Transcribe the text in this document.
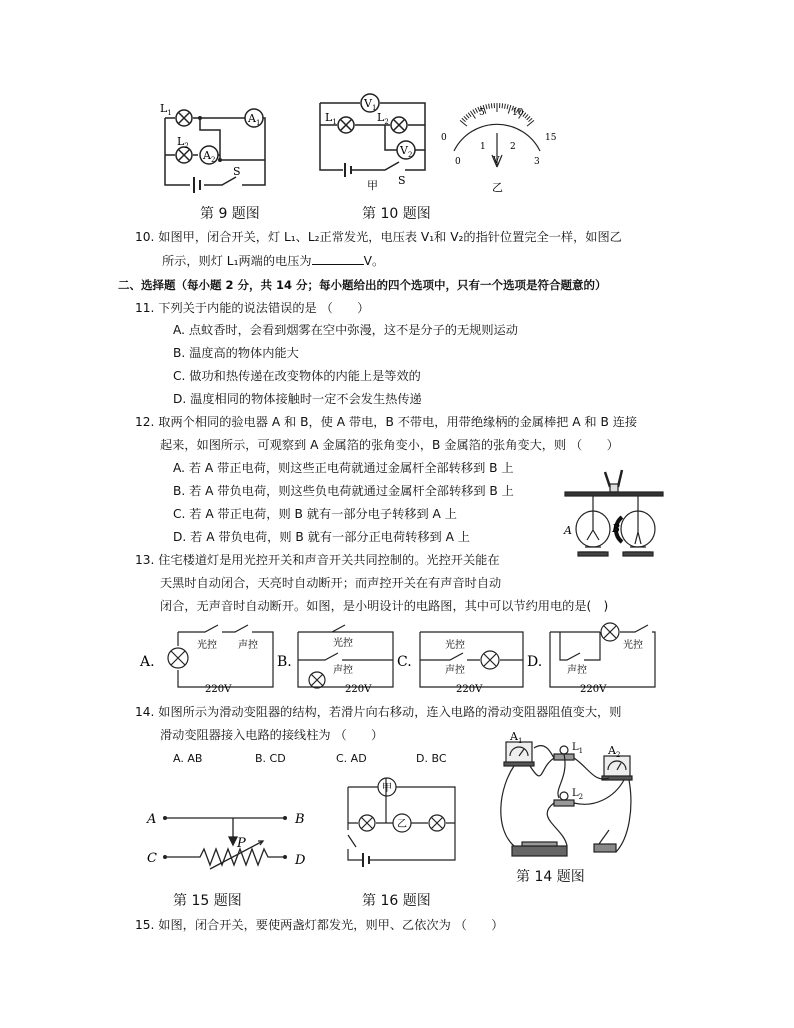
$L_1$
$L_2$
$A_1$
$A_2$
S
$V_1$
$V_2$
$L_1$	$L_2$
S
甲
0
5	10
15
0
1	2
3
V
乙
第 9 题图	第 10 题图
10. 如图甲，闭合开关，灯 L₁、L₂正常发光，电压表 V₁和 V₂的指针位置完全一样，如图乙
所示，则灯 L₁两端的电压为	V。
二、选择题（每小题 2 分，共 14 分；每小题给出的四个选项中，只有一个选项是符合题意的）
11. 下列关于内能的说法错误的是 （　　）
A. 点蚊香时，会看到烟雾在空中弥漫，这不是分子的无规则运动
B. 温度高的物体内能大
C. 做功和热传递在改变物体的内能上是等效的
D. 温度相同的物体接触时一定不会发生热传递
12. 取两个相同的验电器 A 和 B，使 A 带电，B 不带电，用带绝缘柄的金属棒把 A 和 B 连接
起来，如图所示，可观察到 A 金属箔的张角变小，B 金属箔的张角变大，则 （　　）
A. 若 A 带正电荷，则这些正电荷就通过金属杆全部转移到 B 上
B. 若 A 带负电荷，则这些负电荷就通过金属杆全部转移到 B 上
C. 若 A 带正电荷，则 B 就有一部分电子转移到 A 上
D. 若 A 带负电荷，则 B 就有一部分正电荷转移到 A 上	A	B
13. 住宅楼道灯是用光控开关和声音开关共同控制的。光控开关能在
天黑时自动闭合，天亮时自动断开；而声控开关在有声音时自动
闭合，无声音时自动断开。如图，是小明设计的电路图，其中可以节约用电的是(　)
A.	B.	C.	D.
光控 声控
220V
光控
声控
220V
光控
声控
220V
光控
声控
220V
14. 如图所示为滑动变阻器的结构，若滑片向右移动，连入电路的滑动变阻器阻值变大，则
滑动变阻器接入电路的接线柱为 （　　）
A. AB	B. CD	C. AD	D. BC
$A_1$
$A_2$
$L_1$
$L_2$
第 14 题图
A	B
C	D
P
甲
乙
第 15 题图	第 16 题图
15. 如图，闭合开关，要使两盏灯都发光，则甲、乙依次为 （　　）
